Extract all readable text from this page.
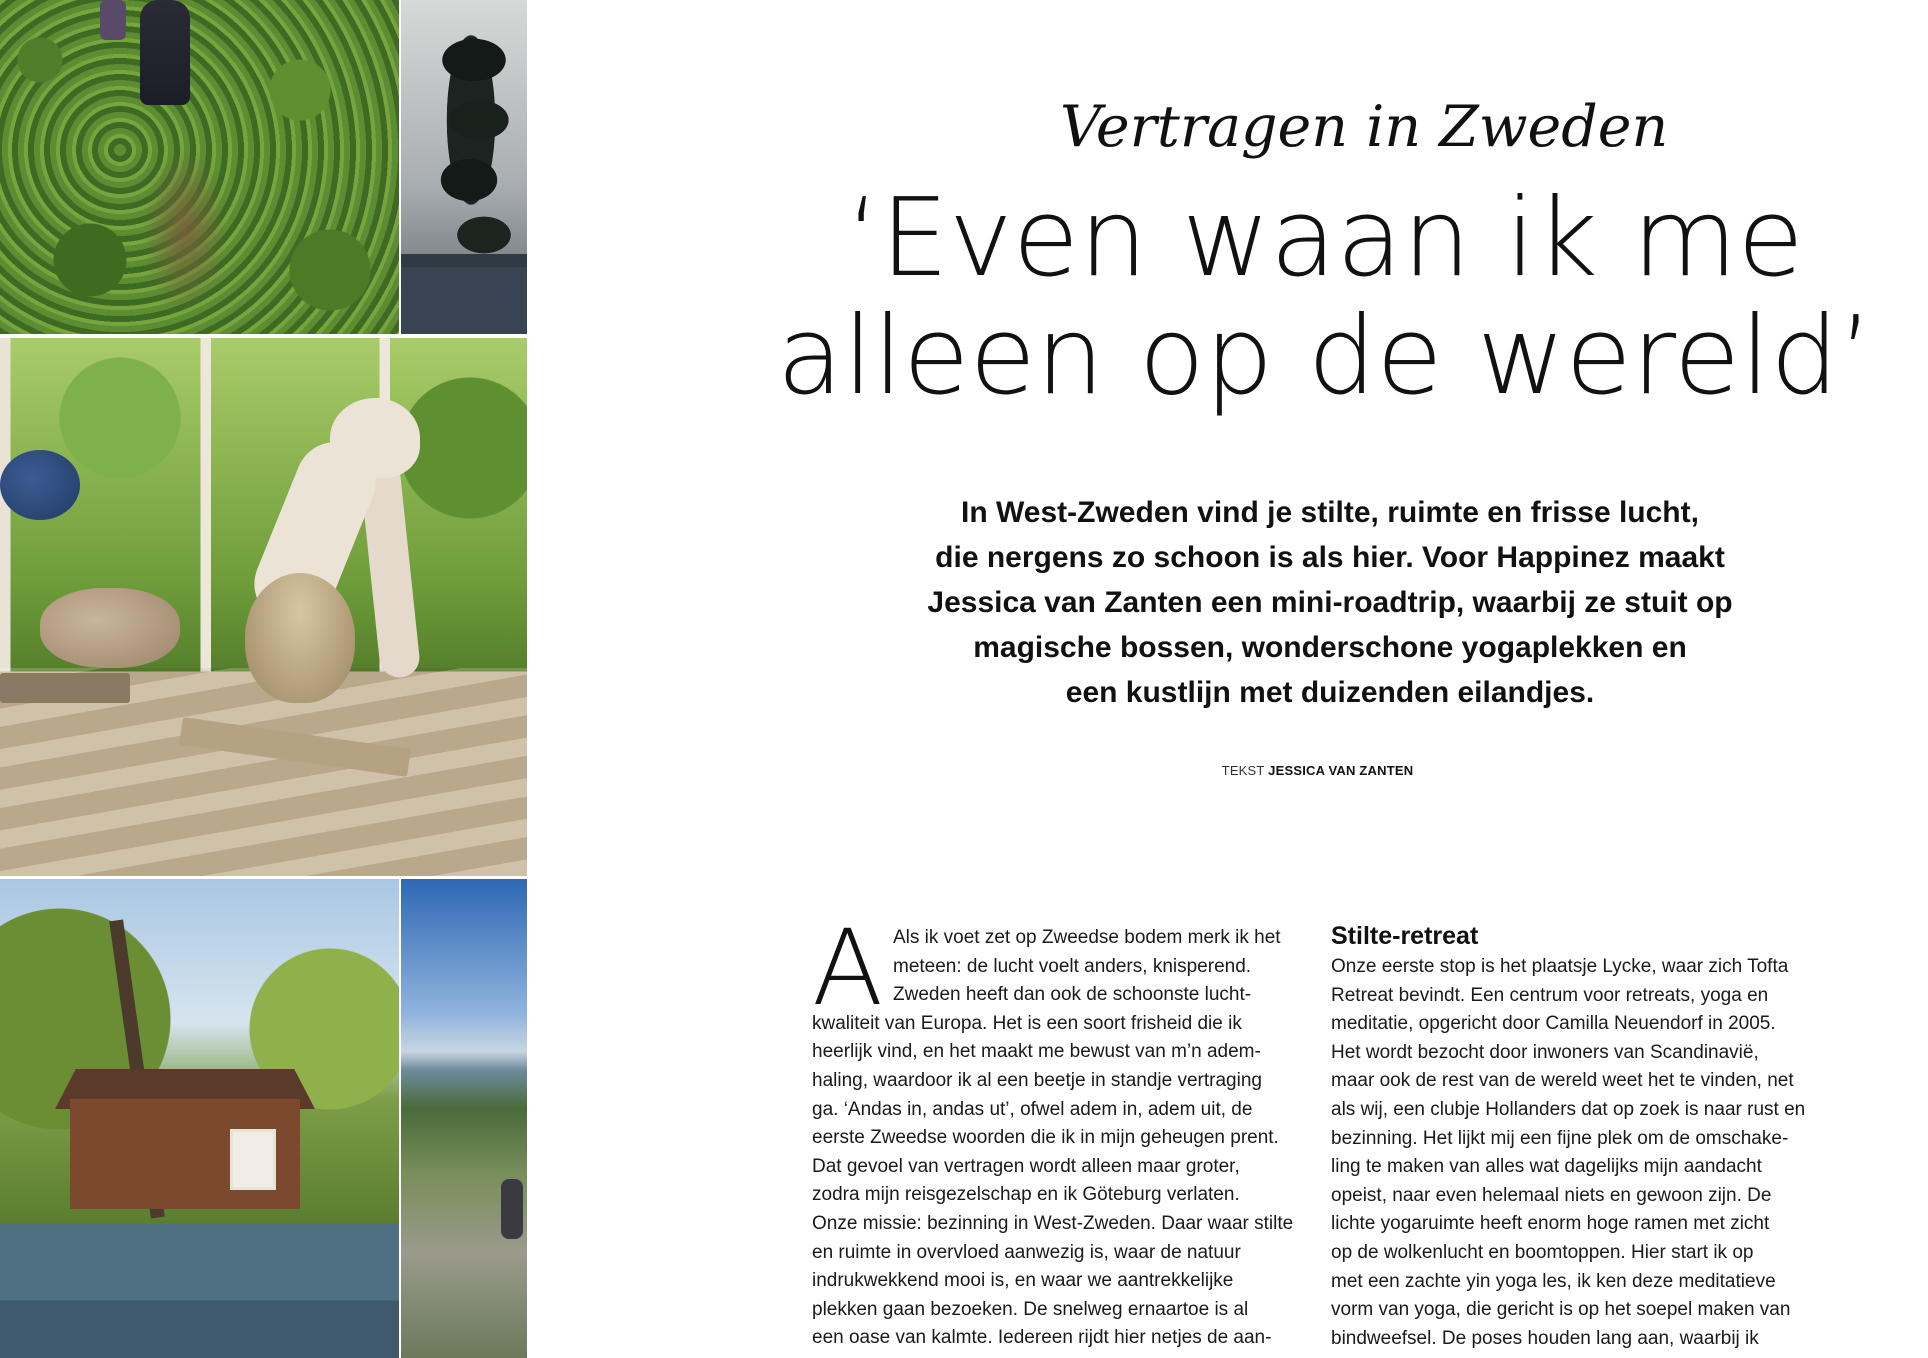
Vertragen in Zweden
‘Even waan ik me
alleen op de wereld’
In West-Zweden vind je stilte, ruimte en frisse lucht,
die nergens zo schoon is als hier. Voor Happinez maakt
Jessica van Zanten een mini-roadtrip, waarbij ze stuit op
magische bossen, wonderschone yogaplekken en
een kustlijn met duizenden eilandjes.
TEKST JESSICA VAN ZANTEN
A Als ik voet zet op Zweedse bodem merk ik het
meteen: de lucht voelt anders, knisperend.
Zweden heeft dan ook de schoonste lucht-
kwaliteit van Europa. Het is een soort frisheid die ik
heerlijk vind, en het maakt me bewust van m’n adem-
haling, waardoor ik al een beetje in standje vertraging
ga. ‘Andas in, andas ut’, ofwel adem in, adem uit, de
eerste Zweedse woorden die ik in mijn geheugen prent.
Dat gevoel van vertragen wordt alleen maar groter,
zodra mijn reisgezelschap en ik Göteburg verlaten.
Onze missie: bezinning in West-Zweden. Daar waar stilte
en ruimte in overvloed aanwezig is, waar de natuur
indrukwekkend mooi is, en waar we aantrekkelijke
plekken gaan bezoeken. De snelweg ernaartoe is al
een oase van kalmte. Iedereen rijdt hier netjes de aan-
Stilte-retreat
Onze eerste stop is het plaatsje Lycke, waar zich Tofta
Retreat bevindt. Een centrum voor retreats, yoga en
meditatie, opgericht door Camilla Neuendorf in 2005.
Het wordt bezocht door inwoners van Scandinavië,
maar ook de rest van de wereld weet het te vinden, net
als wij, een clubje Hollanders dat op zoek is naar rust en
bezinning. Het lijkt mij een fijne plek om de omschake-
ling te maken van alles wat dagelijks mijn aandacht
opeist, naar even helemaal niets en gewoon zijn. De
lichte yogaruimte heeft enorm hoge ramen met zicht
op de wolkenlucht en boomtoppen. Hier start ik op
met een zachte yin yoga les, ik ken deze meditatieve
vorm van yoga, die gericht is op het soepel maken van
bindweefsel. De poses houden lang aan, waarbij ik
